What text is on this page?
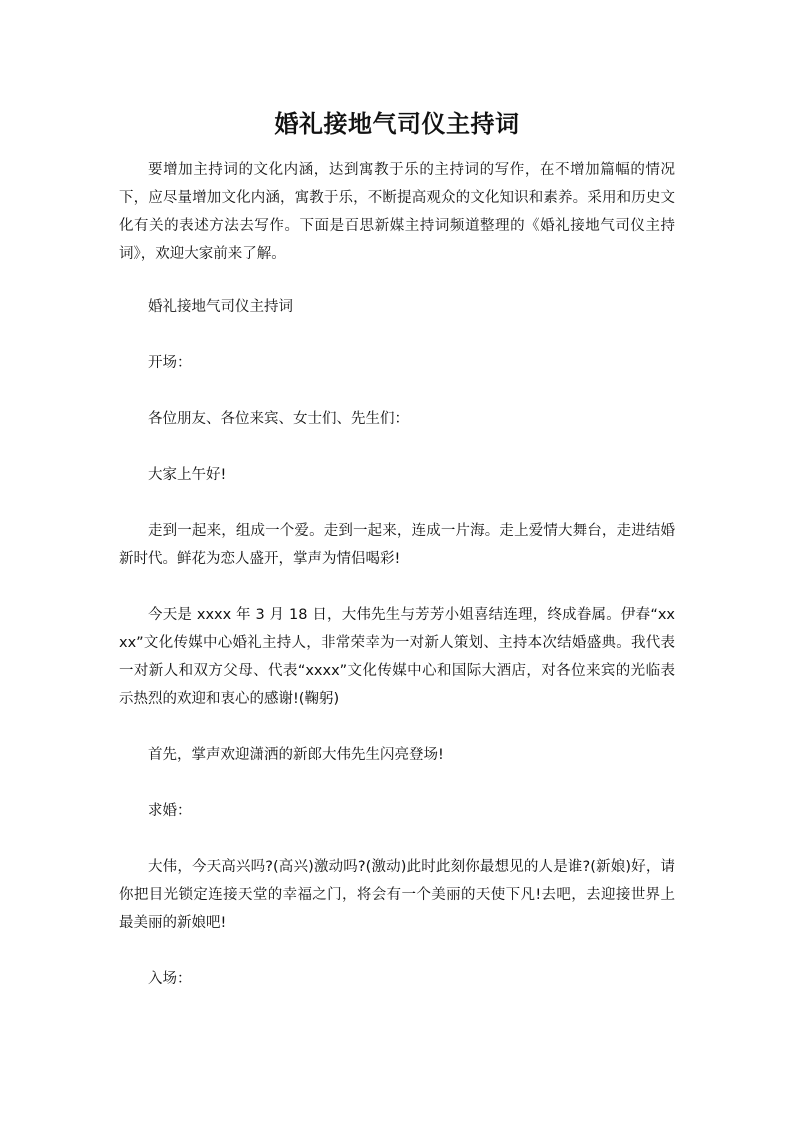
婚礼接地气司仪主持词

要增加主持词的文化内涵，达到寓教于乐的主持词的写作，在不增加篇幅的情况下，应尽量增加文化内涵，寓教于乐，不断提高观众的文化知识和素养。采用和历史文化有关的表述方法去写作。下面是百思新媒主持词频道整理的《婚礼接地气司仪主持词》，欢迎大家前来了解。

婚礼接地气司仪主持词

开场：

各位朋友、各位来宾、女士们、先生们：

大家上午好!

走到一起来，组成一个爱。走到一起来，连成一片海。走上爱情大舞台，走进结婚新时代。鲜花为恋人盛开，掌声为情侣喝彩!

今天是 xxxx 年 3 月 18 日，大伟先生与芳芳小姐喜结连理，终成眷属。伊春“xxxx”文化传媒中心婚礼主持人，非常荣幸为一对新人策划、主持本次结婚盛典。我代表一对新人和双方父母、代表“xxxx”文化传媒中心和国际大酒店，对各位来宾的光临表示热烈的欢迎和衷心的感谢!(鞠躬)

首先，掌声欢迎潇洒的新郎大伟先生闪亮登场!

求婚：

大伟，今天高兴吗?(高兴)激动吗?(激动)此时此刻你最想见的人是谁?(新娘)好，请你把目光锁定连接天堂的幸福之门，将会有一个美丽的天使下凡!去吧，去迎接世界上最美丽的新娘吧!

入场：
